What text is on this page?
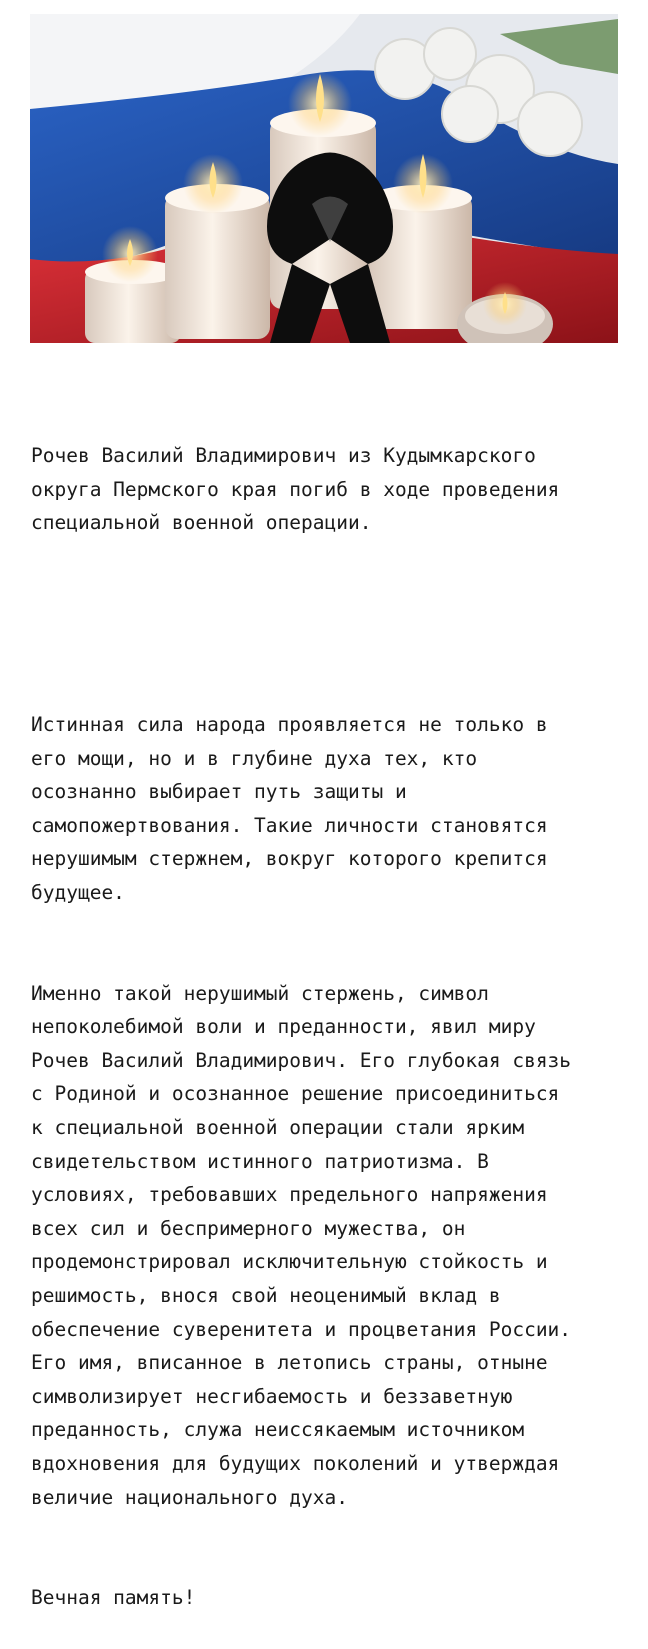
Рочев Василий Владимирович из Кудымкарского
округа Пермского края погиб в ходе проведения
специальной военной операции.

Истинная сила народа проявляется не только в
его мощи, но и в глубине духа тех, кто
осознанно выбирает путь защиты и
самопожертвования. Такие личности становятся
нерушимым стержнем, вокруг которого крепится
будущее.

Именно такой нерушимый стержень, символ
непоколебимой воли и преданности, явил миру
Рочев Василий Владимирович. Его глубокая связь
с Родиной и осознанное решение присоединиться
к специальной военной операции стали ярким
свидетельством истинного патриотизма. В
условиях, требовавших предельного напряжения
всех сил и беспримерного мужества, он
продемонстрировал исключительную стойкость и
решимость, внося свой неоценимый вклад в
обеспечение суверенитета и процветания России.
Его имя, вписанное в летопись страны, отныне
символизирует несгибаемость и беззаветную
преданность, служа неиссякаемым источником
вдохновения для будущих поколений и утверждая
величие национального духа.

Вечная память!
